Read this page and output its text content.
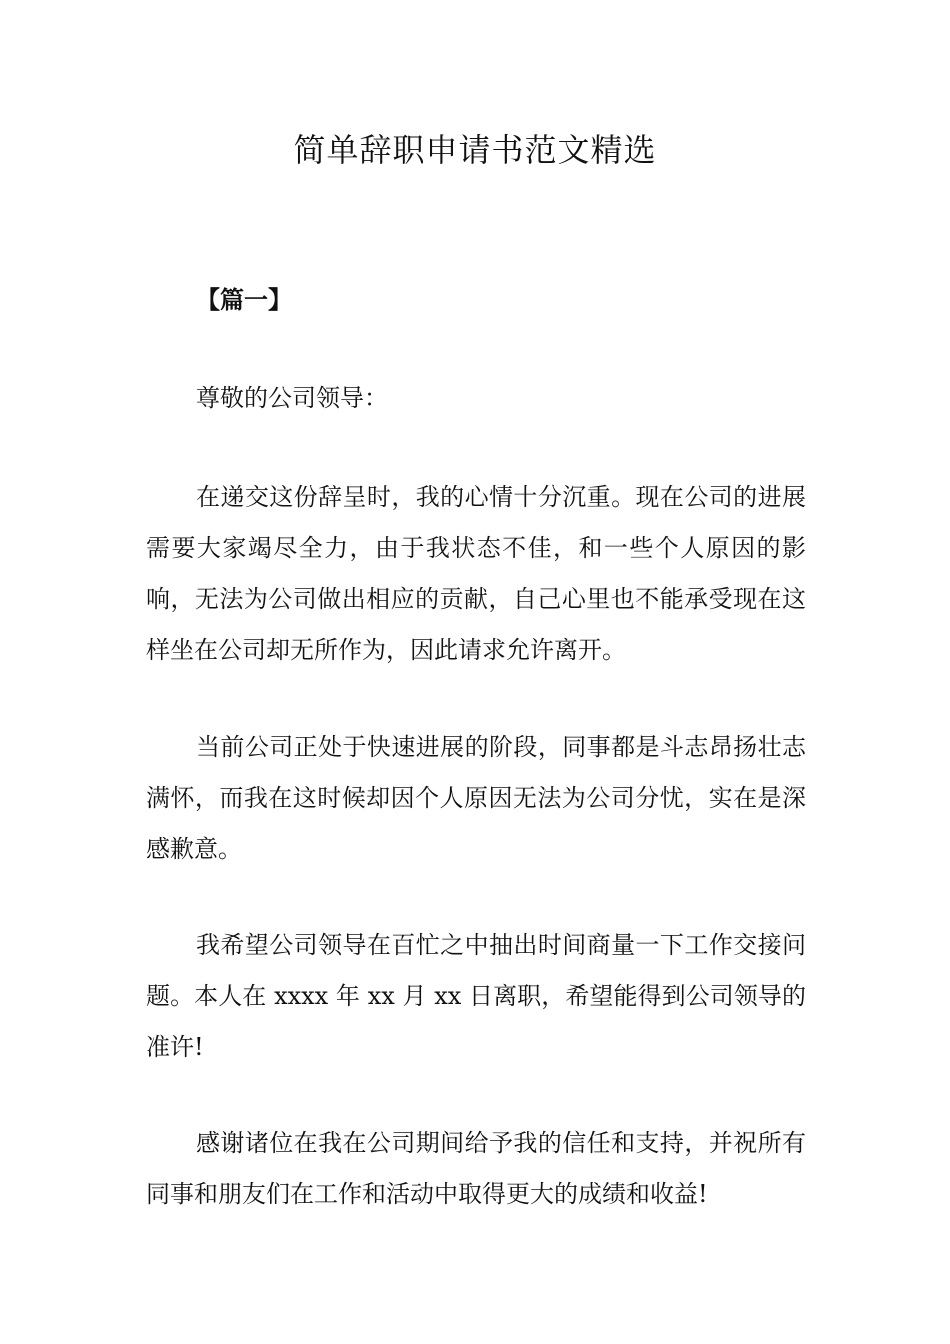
简单辞职申请书范文精选
【篇一】

尊敬的公司领导：

在递交这份辞呈时，我的心情十分沉重。现在公司的进展需要大家竭尽全力，由于我状态不佳，和一些个人原因的影响，无法为公司做出相应的贡献，自己心里也不能承受现在这样坐在公司却无所作为，因此请求允许离开。

当前公司正处于快速进展的阶段，同事都是斗志昂扬壮志满怀，而我在这时候却因个人原因无法为公司分忧，实在是深感歉意。

我希望公司领导在百忙之中抽出时间商量一下工作交接问题。本人在 xxxx 年 xx 月 xx 日离职，希望能得到公司领导的准许!

感谢诸位在我在公司期间给予我的信任和支持，并祝所有同事和朋友们在工作和活动中取得更大的成绩和收益!
